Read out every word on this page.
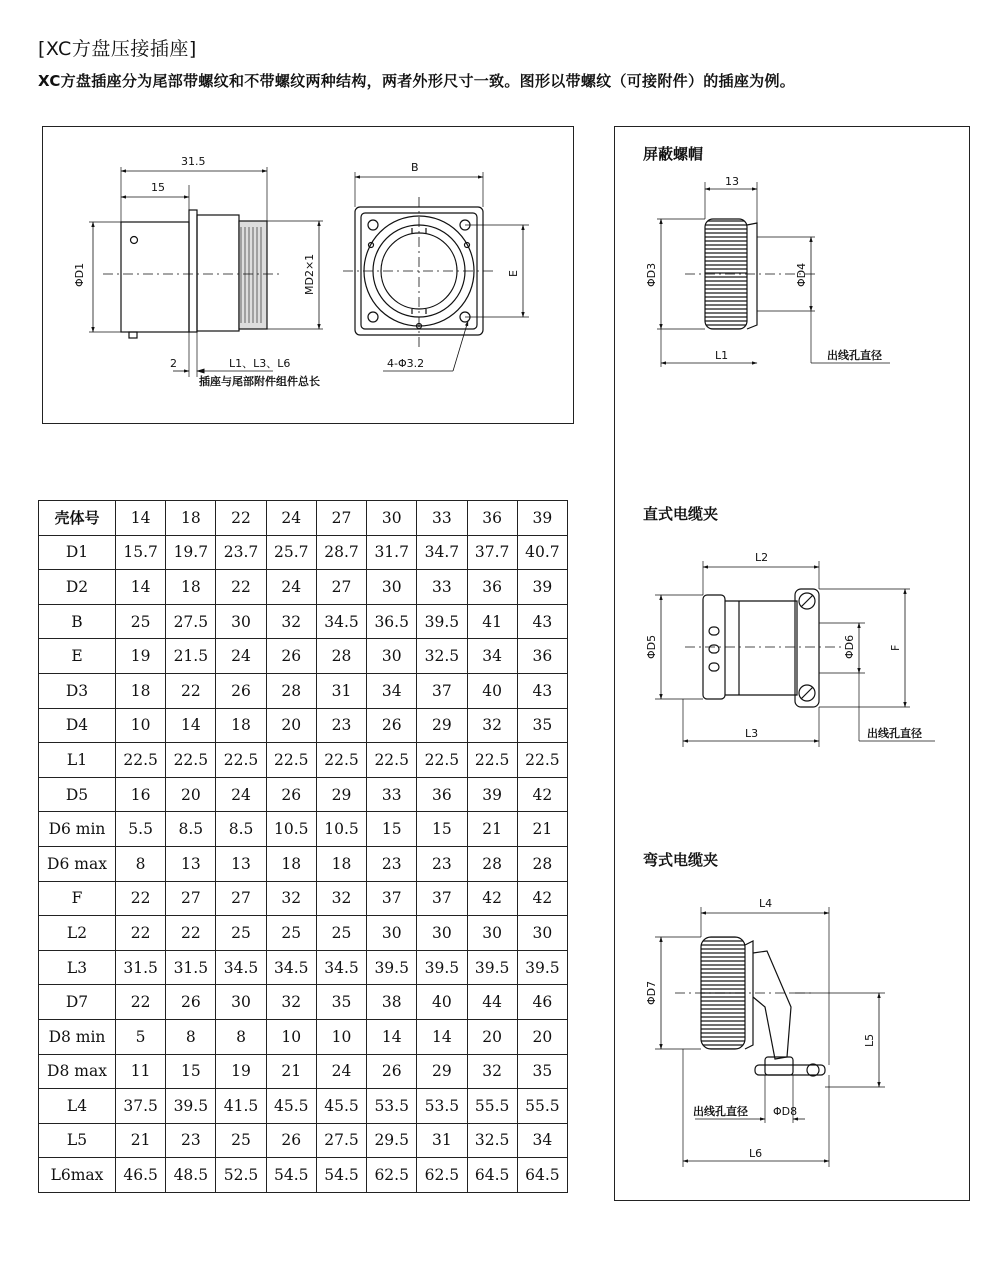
[XC方盘压接插座]
XC方盘插座分为尾部带螺纹和不带螺纹两种结构，两者外形尺寸一致。图形以带螺纹（可接附件）的插座为例。
31.5
15
ΦD1	MD2×1
2	L1、L3、L6
插座与尾部附件组件总长
B
E
4-Φ3.2
屏蔽螺帽
直式电缆夹
弯式电缆夹
13
ΦD3	ΦD4
L1	出线孔直径
L2
ΦD5	ΦD6	F
L3	出线孔直径
L4
ΦD7
L5
出线孔直径 ΦD8
L6
壳体号	14	18	22	24	27	30	33	36	39
D1	15.7	19.7	23.7	25.7	28.7	31.7	34.7	37.7	40.7
D2	14	18	22	24	27	30	33	36	39
B	25	27.5	30	32	34.5	36.5	39.5	41	43
E	19	21.5	24	26	28	30	32.5	34	36
D3	18	22	26	28	31	34	37	40	43
D4	10	14	18	20	23	26	29	32	35
L1	22.5	22.5	22.5	22.5	22.5	22.5	22.5	22.5	22.5
D5	16	20	24	26	29	33	36	39	42
D6 min	5.5	8.5	8.5	10.5	10.5	15	15	21	21
D6 max	8	13	13	18	18	23	23	28	28
F	22	27	27	32	32	37	37	42	42
L2	22	22	25	25	25	30	30	30	30
L3	31.5	31.5	34.5	34.5	34.5	39.5	39.5	39.5	39.5
D7	22	26	30	32	35	38	40	44	46
D8 min	5	8	8	10	10	14	14	20	20
D8 max	11	15	19	21	24	26	29	32	35
L4	37.5	39.5	41.5	45.5	45.5	53.5	53.5	55.5	55.5
L5	21	23	25	26	27.5	29.5	31	32.5	34
L6max	46.5	48.5	52.5	54.5	54.5	62.5	62.5	64.5	64.5
